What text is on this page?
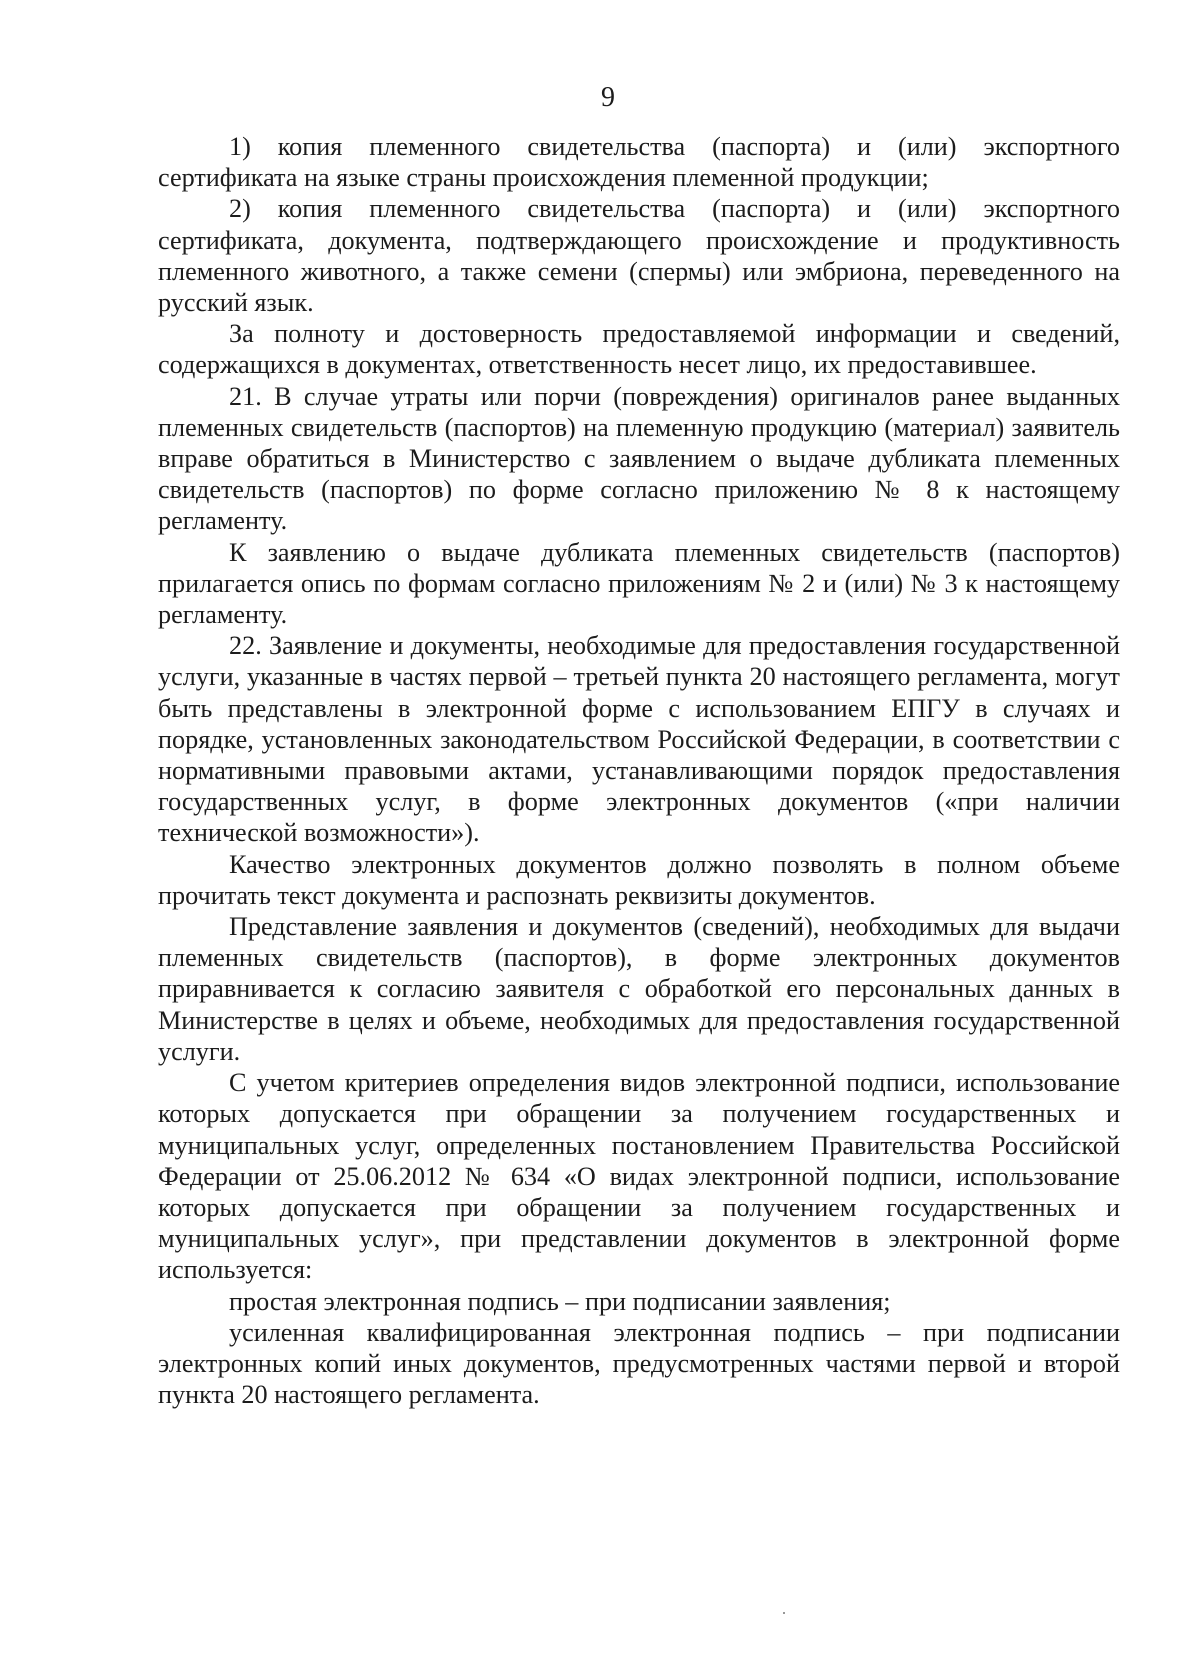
9

1) копия племенного свидетельства (паспорта) и (или) экспортного сертификата на языке страны происхождения племенной продукции;

2) копия племенного свидетельства (паспорта) и (или) экспортного сертификата, документа, подтверждающего происхождение и продуктивность племенного животного, а также семени (спермы) или эмбриона, переведенного на русский язык.

За полноту и достоверность предоставляемой информации и сведений, содержащихся в документах, ответственность несет лицо, их предоставившее.

21. В случае утраты или порчи (повреждения) оригиналов ранее выданных племенных свидетельств (паспортов) на племенную продукцию (материал) заявитель вправе обратиться в Министерство с заявлением о выдаче дубликата племенных свидетельств (паспортов) по форме согласно приложению № 8 к настоящему регламенту.

К заявлению о выдаче дубликата племенных свидетельств (паспортов) прилагается опись по формам согласно приложениям № 2 и (или) № 3 к настоящему регламенту.

22. Заявление и документы, необходимые для предоставления государственной услуги, указанные в частях первой – третьей пункта 20 настоящего регламента, могут быть представлены в электронной форме с использованием ЕПГУ в случаях и порядке, установленных законодательством Российской Федерации, в соответствии с нормативными правовыми актами, устанавливающими порядок предоставления государственных услуг, в форме электронных документов («при наличии технической возможности»).

Качество электронных документов должно позволять в полном объеме прочитать текст документа и распознать реквизиты документов.

Представление заявления и документов (сведений), необходимых для выдачи племенных свидетельств (паспортов), в форме электронных документов приравнивается к согласию заявителя с обработкой его персональных данных в Министерстве в целях и объеме, необходимых для предоставления государственной услуги.

С учетом критериев определения видов электронной подписи, использование которых допускается при обращении за получением государственных и муниципальных услуг, определенных постановлением Правительства Российской Федерации от 25.06.2012 № 634 «О видах электронной подписи, использование которых допускается при обращении за получением государственных и муниципальных услуг», при представлении документов в электронной форме используется:

простая электронная подпись – при подписании заявления;

усиленная квалифицированная электронная подпись – при подписании электронных копий иных документов, предусмотренных частями первой и второй пункта 20 настоящего регламента.
